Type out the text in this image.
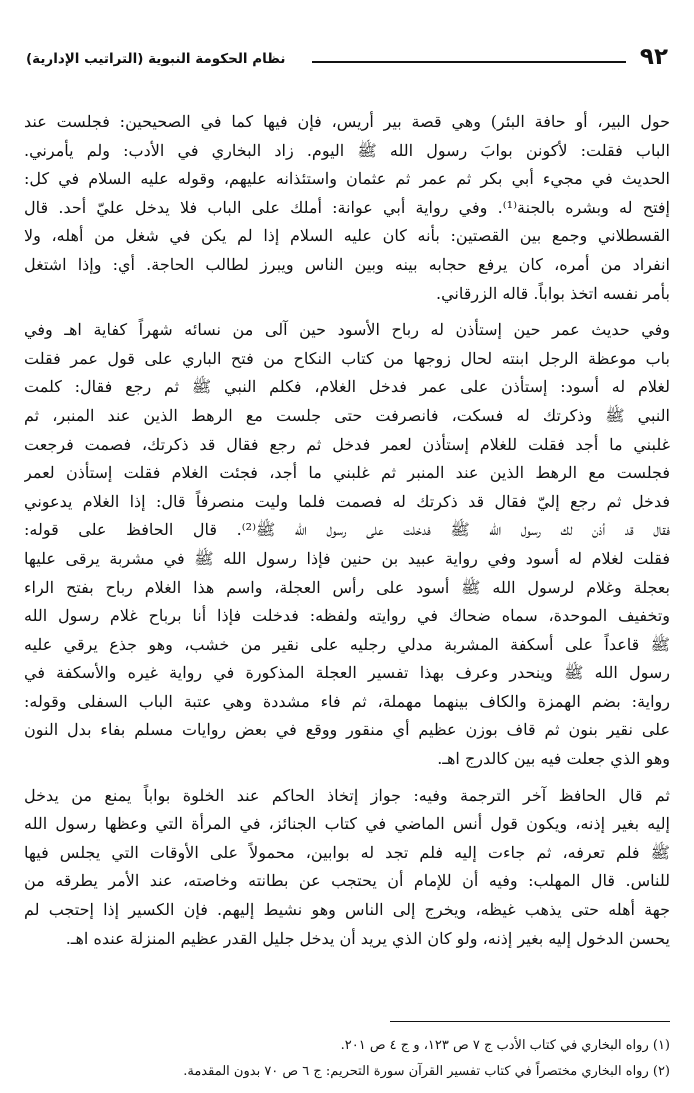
٩٢
نظام الحكومة النبوية (التراتيب الإدارية)

حول البير، أو حافة البئر) وهي قصة بير أريس، فإن فيها كما في الصحيحين: فجلست عند
الباب فقلت: لأكونن بوابَ رسول الله ﷺ اليوم. زاد البخاري في الأدب: ولم يأمرني.
الحديث في مجيء أبي بكر ثم عمر ثم عثمان واستئذانه عليهم، وقوله عليه السلام في كل:
إفتح له وبشره بالجنة⁽¹⁾. وفي رواية أبي عوانة: أملك على الباب فلا يدخل عليّ أحد. قال
القسطلاني وجمع بين القصتين: بأنه كان عليه السلام إذا لم يكن في شغل من أهله، ولا
انفراد من أمره، كان يرفع حجابه بينه وبين الناس ويبرز لطالب الحاجة. أي: وإذا اشتغل
بأمر نفسه اتخذ بواباً. قاله الزرقاني.

وفي حديث عمر حين إستأذن له رباح الأسود حين آلى من نسائه شهراً كفاية اهـ وفي
باب موعظة الرجل ابنته لحال زوجها من كتاب النكاح من فتح الباري على قول عمر فقلت
لغلام له أسود: إستأذن على عمر فدخل الغلام، فكلم النبي ﷺ ثم رجع فقال: كلمت
النبي ﷺ وذكرتك له فسكت، فانصرفت حتى جلست مع الرهط الذين عند المنبر، ثم
غلبني ما أجد فقلت للغلام إستأذن لعمر فدخل ثم رجع فقال قد ذكرتك، فصمت فرجعت
فجلست مع الرهط الذين عند المنبر ثم غلبني ما أجد، فجئت الغلام فقلت إستأذن لعمر
فدخل ثم رجع إليّ فقال قد ذكرتك له فصمت فلما وليت منصرفاً قال: إذا الغلام يدعوني
فقال قد أذن لك رسول الله ﷺ فدخلت على رسول الله ﷺ⁽²⁾. قال الحافظ على قوله:
فقلت لغلام له أسود وفي رواية عبيد بن حنين فإذا رسول الله ﷺ في مشربة يرقى عليها
بعجلة وغلام لرسول الله ﷺ أسود على رأس العجلة، واسم هذا الغلام رباح بفتح الراء
وتخفيف الموحدة، سماه ضحاك في روايته ولفظه: فدخلت فإذا أنا برباح غلام رسول الله
ﷺ قاعداً على أسكفة المشربة مدلي رجليه على نقير من خشب، وهو جذع يرقي عليه
رسول الله ﷺ وينحدر وعرف بهذا تفسير العجلة المذكورة في رواية غيره والأسكفة في
رواية: بضم الهمزة والكاف بينهما مهملة، ثم فاء مشددة وهي عتبة الباب السفلى وقوله:
على نقير بنون ثم قاف بوزن عظيم أي منقور ووقع في بعض روايات مسلم بفاء بدل النون
وهو الذي جعلت فيه بين كالدرج اهـ.

ثم قال الحافظ آخر الترجمة وفيه: جواز إتخاذ الحاكم عند الخلوة بواباً يمنع من يدخل
إليه بغير إذنه، ويكون قول أنس الماضي في كتاب الجنائز، في المرأة التي وعظها رسول الله
ﷺ فلم تعرفه، ثم جاءت إليه فلم تجد له بوابين، محمولاً على الأوقات التي يجلس فيها
للناس. قال المهلب: وفيه أن للإمام أن يحتجب عن بطانته وخاصته، عند الأمر يطرقه من
جهة أهله حتى يذهب غيظه، ويخرج إلى الناس وهو نشيط إليهم. فإن الكسير إذا إحتجب لم
يحسن الدخول إليه بغير إذنه، ولو كان الذي يريد أن يدخل جليل القدر عظيم المنزلة عنده اهـ.

(١) رواه البخاري في كتاب الأدب ج ٧ ص ١٢٣، و ج ٤ ص ٢٠١.
(٢) رواه البخاري مختصراً في كتاب تفسير القرآن سورة التحريم: ج ٦ ص ٧٠ بدون المقدمة.
